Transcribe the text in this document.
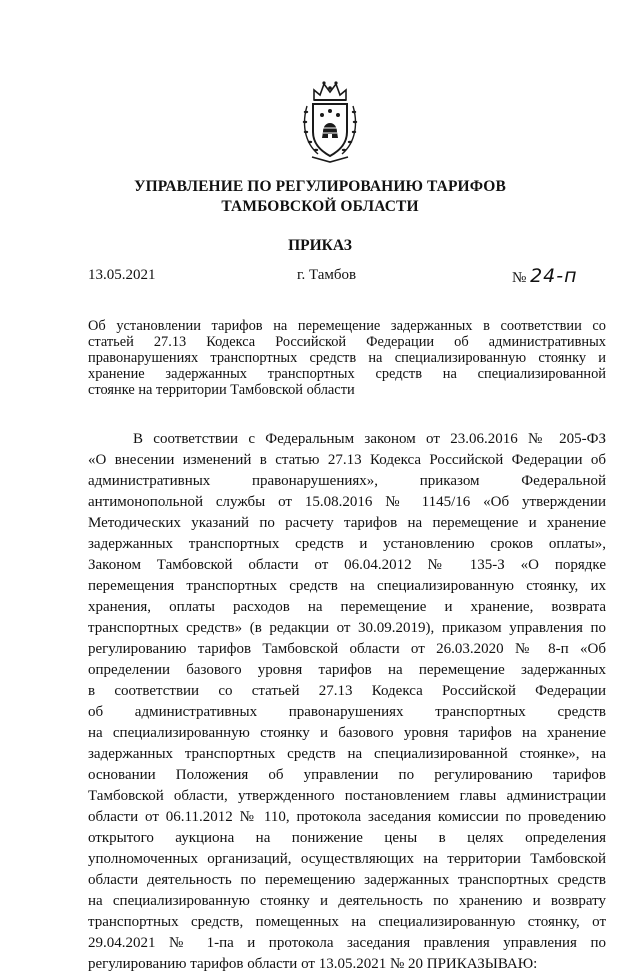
УПРАВЛЕНИЕ ПО РЕГУЛИРОВАНИЮ ТАРИФОВ
ТАМБОВСКОЙ ОБЛАСТИ
ПРИКАЗ
13.05.2021	г. Тамбов	№ 24-п
Об установлении тарифов на перемещение задержанных в соответствии со
статьей 27.13 Кодекса Российской Федерации об административных
правонарушениях транспортных средств на специализированную стоянку и
хранение задержанных транспортных средств на специализированной
стоянке на территории Тамбовской области
В соответствии с Федеральным законом от 23.06.2016 № 205-ФЗ
«О внесении изменений в статью 27.13 Кодекса Российской Федерации об
административных правонарушениях», приказом Федеральной
антимонопольной службы от 15.08.2016 № 1145/16 «Об утверждении
Методических указаний по расчету тарифов на перемещение и хранение
задержанных транспортных средств и установлению сроков оплаты»,
Законом Тамбовской области от 06.04.2012 № 135-З «О порядке
перемещения транспортных средств на специализированную стоянку, их
хранения, оплаты расходов на перемещение и хранение, возврата
транспортных средств» (в редакции от 30.09.2019), приказом управления по
регулированию тарифов Тамбовской области от 26.03.2020 № 8-п «Об
определении базового уровня тарифов на перемещение задержанных
в соответствии со статьей 27.13 Кодекса Российской Федерации
об административных правонарушениях транспортных средств
на специализированную стоянку и базового уровня тарифов на хранение
задержанных транспортных средств на специализированной стоянке», на
основании Положения об управлении по регулированию тарифов
Тамбовской области, утвержденного постановлением главы администрации
области от 06.11.2012 № 110, протокола заседания комиссии по проведению
открытого аукциона на понижение цены в целях определения
уполномоченных организаций, осуществляющих на территории Тамбовской
области деятельность по перемещению задержанных транспортных средств
на специализированную стоянку и деятельность по хранению и возврату
транспортных средств, помещенных на специализированную стоянку, от
29.04.2021 № 1-па и протокола заседания правления управления по
регулированию тарифов области от 13.05.2021 № 20 ПРИКАЗЫВАЮ:
